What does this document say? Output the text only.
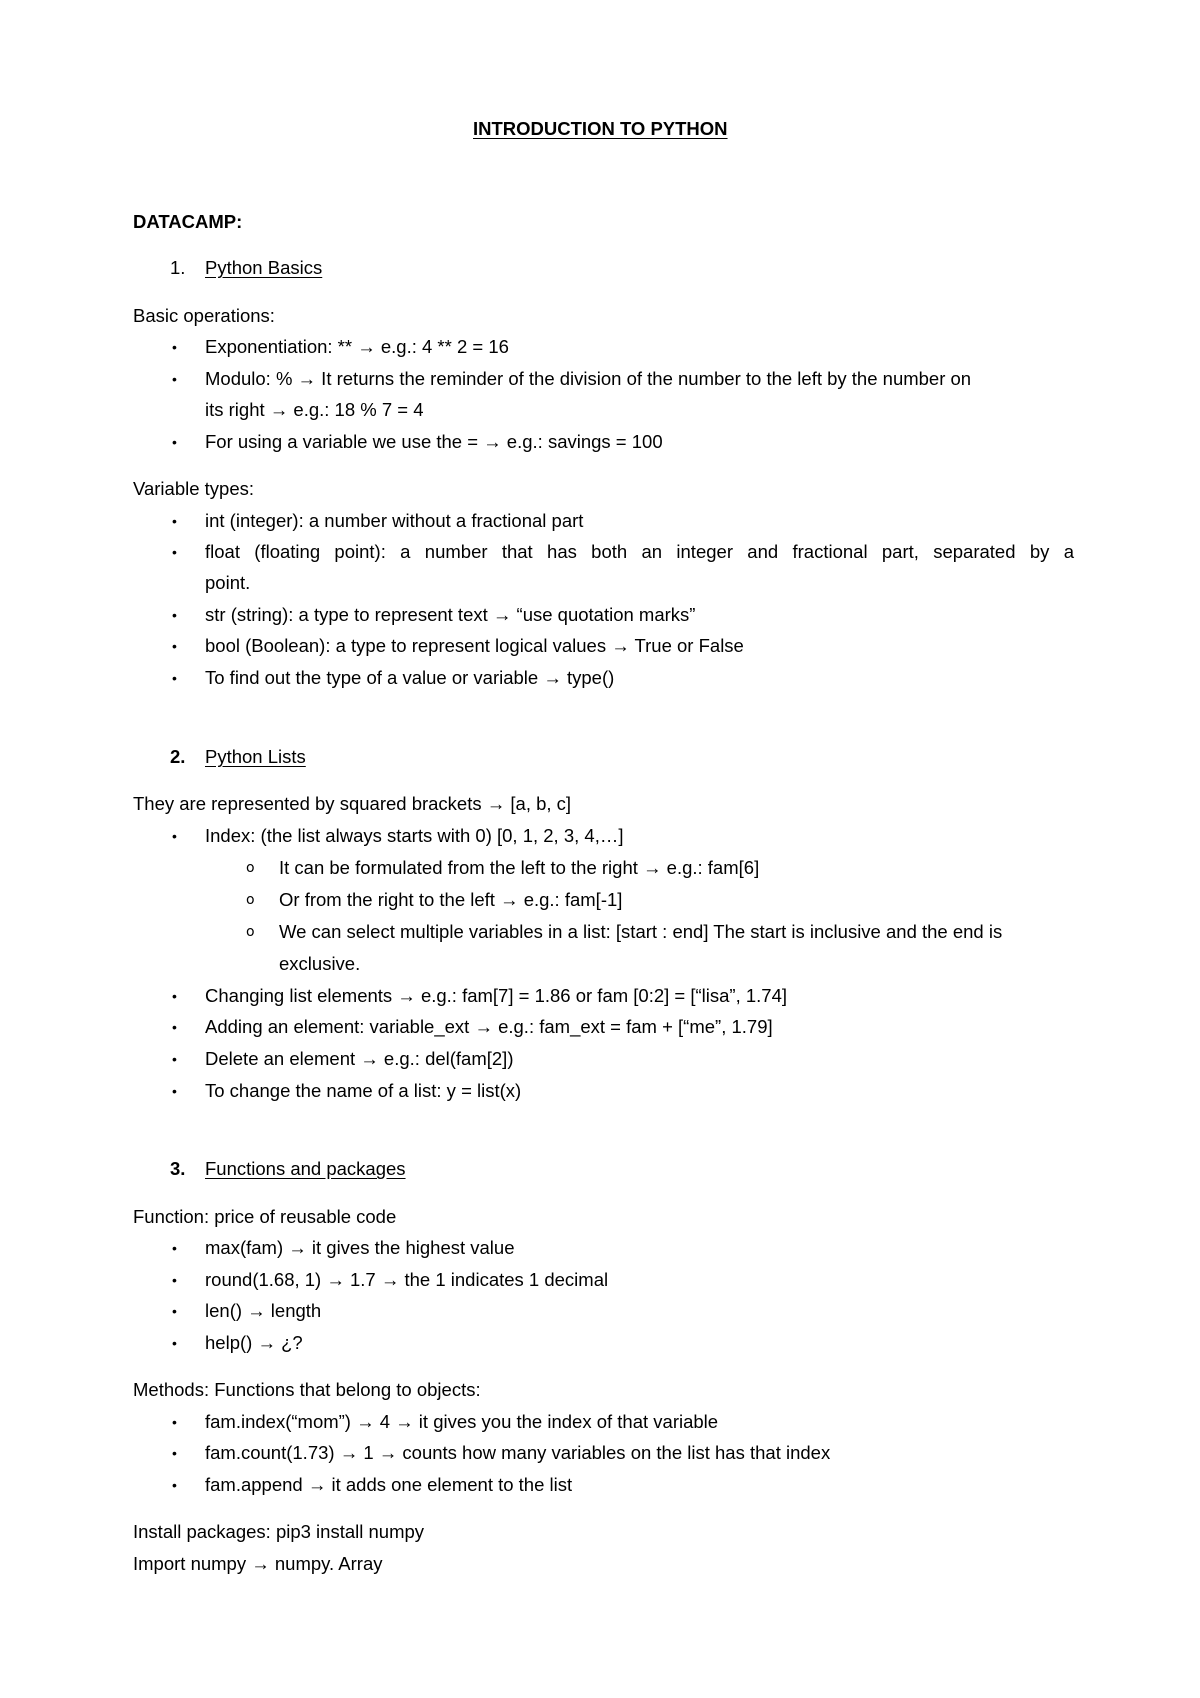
INTRODUCTION TO PYTHON
DATACAMP:
1. Python Basics
Basic operations:
• Exponentiation: ** → e.g.: 4 ** 2 = 16
• Modulo: % → It returns the reminder of the division of the number to the left by the number on
its right → e.g.: 18 % 7 = 4
• For using a variable we use the = → e.g.: savings = 100
Variable types:
• int (integer): a number without a fractional part
• float (floating point): a number that has both an integer and fractional part, separated by a
point.
• str (string): a type to represent text → “use quotation marks”
• bool (Boolean): a type to represent logical values → True or False
• To find out the type of a value or variable → type()
2. Python Lists
They are represented by squared brackets → [a, b, c]
• Index: (the list always starts with 0) [0, 1, 2, 3, 4,…]
o It can be formulated from the left to the right → e.g.: fam[6]
o Or from the right to the left → e.g.: fam[-1]
o We can select multiple variables in a list: [start : end] The start is inclusive and the end is
exclusive.
• Changing list elements → e.g.: fam[7] = 1.86 or fam [0:2] = [“lisa”, 1.74]
• Adding an element: variable_ext → e.g.: fam_ext = fam + [“me”, 1.79]
• Delete an element → e.g.: del(fam[2])
• To change the name of a list: y = list(x)
3. Functions and packages
Function: price of reusable code
• max(fam) → it gives the highest value
• round(1.68, 1) → 1.7 → the 1 indicates 1 decimal
• len() → length
• help() → ¿?
Methods: Functions that belong to objects:
• fam.index(“mom”) → 4 → it gives you the index of that variable
• fam.count(1.73) → 1 → counts how many variables on the list has that index
• fam.append → it adds one element to the list
Install packages: pip3 install numpy
Import numpy → numpy. Array
